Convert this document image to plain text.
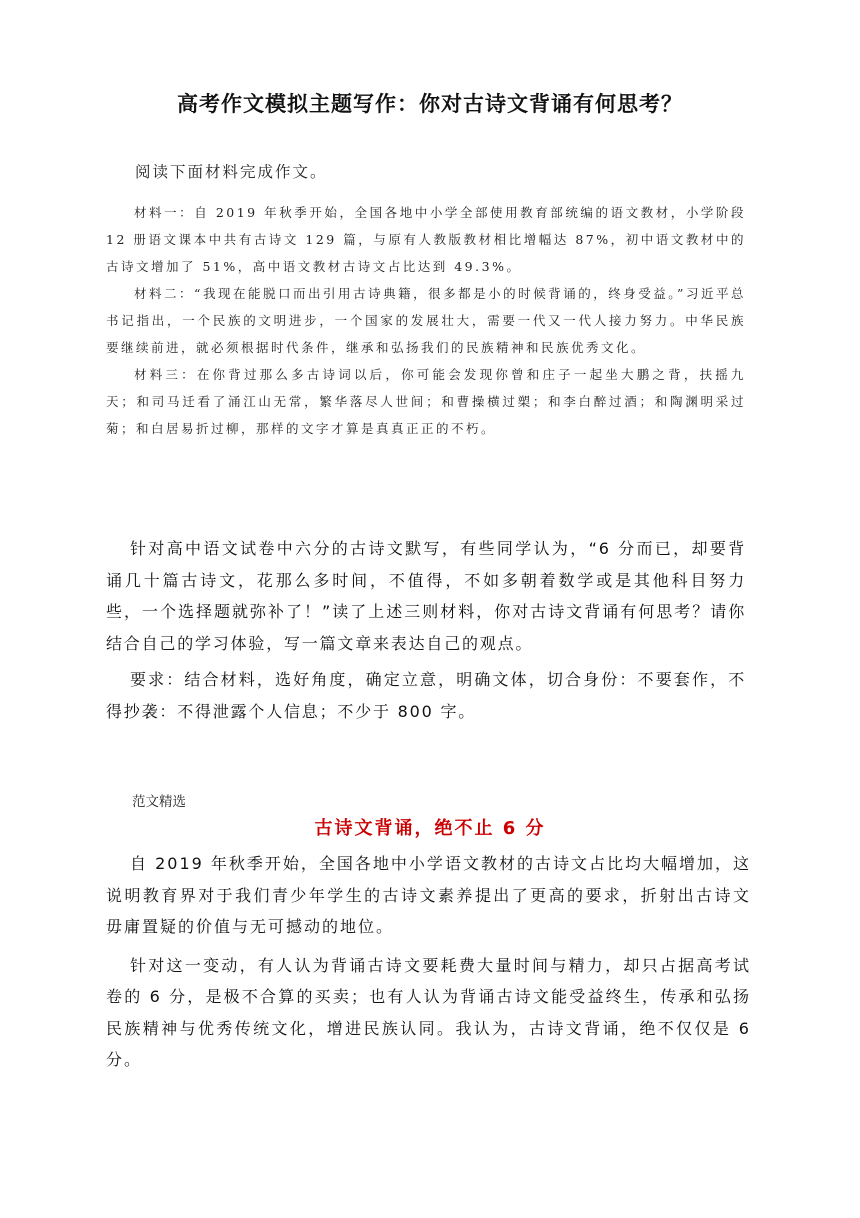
高考作文模拟主题写作：你对古诗文背诵有何思考？
阅读下面材料完成作文。

材料一：自 2019 年秋季开始，全国各地中小学全部使用教育部统编的语文教材，小学阶段 12 册语文课本中共有古诗文 129 篇，与原有人教版教材相比增幅达 87%，初中语文教材中的古诗文增加了 51%，高中语文教材古诗文占比达到 49.3%。

材料二：“我现在能脱口而出引用古诗典籍，很多都是小的时候背诵的，终身受益。”习近平总书记指出，一个民族的文明进步，一个国家的发展壮大，需要一代又一代人接力努力。中华民族要继续前进，就必须根据时代条件，继承和弘扬我们的民族精神和民族优秀文化。

材料三：在你背过那么多古诗词以后，你可能会发现你曾和庄子一起坐大鹏之背，扶摇九天；和司马迁看了涌江山无常，繁华落尽人世间；和曹操横过槊；和李白醉过酒；和陶渊明采过菊；和白居易折过柳，那样的文字才算是真真正正的不朽。

针对高中语文试卷中六分的古诗文默写，有些同学认为，“6 分而已，却要背诵几十篇古诗文，花那么多时间，不值得，不如多朝着数学或是其他科目努力些，一个选择题就弥补了！”读了上述三则材料，你对古诗文背诵有何思考？请你结合自己的学习体验，写一篇文章来表达自己的观点。

要求：结合材料，选好角度，确定立意，明确文体，切合身份：不要套作，不得抄袭：不得泄露个人信息；不少于 800 字。

范文精选
古诗文背诵，绝不止 6 分

自 2019 年秋季开始，全国各地中小学语文教材的古诗文占比均大幅增加，这说明教育界对于我们青少年学生的古诗文素养提出了更高的要求，折射出古诗文毋庸置疑的价值与无可撼动的地位。

针对这一变动，有人认为背诵古诗文要耗费大量时间与精力，却只占据高考试卷的 6 分，是极不合算的买卖；也有人认为背诵古诗文能受益终生，传承和弘扬民族精神与优秀传统文化，增进民族认同。我认为，古诗文背诵，绝不仅仅是 6 分。
